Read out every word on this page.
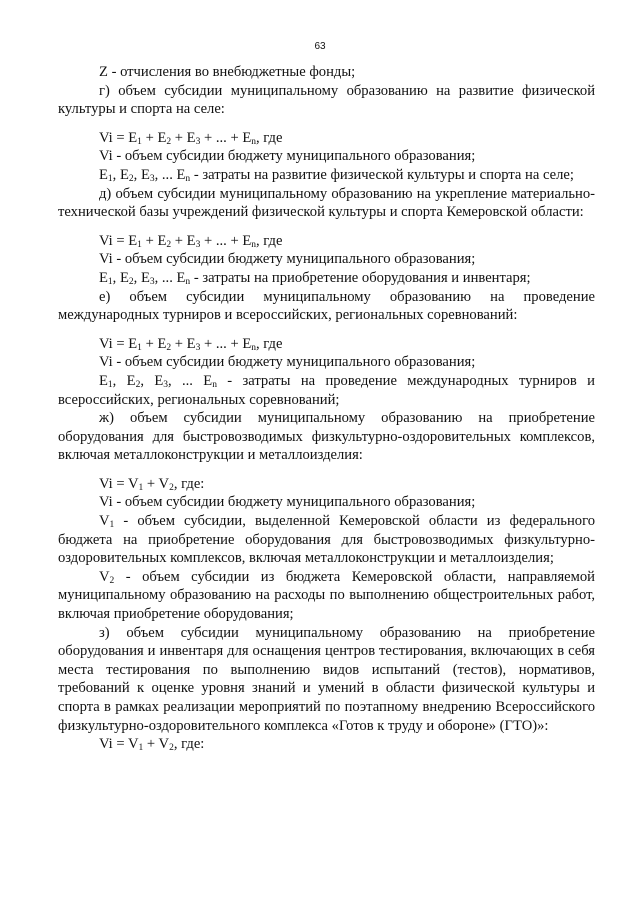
63

Z - отчисления во внебюджетные фонды;

г) объем субсидии муниципальному образованию на развитие физической культуры и спорта на селе:

$Vi = E_1 + E_2 + E_3$ + ... + $E_n$, где

Vi - объем субсидии бюджету муниципального образования;

$E_1$, $E_2$, $E_3$, ... $E_n$ - затраты на развитие физической культуры и спорта на селе;

д) объем субсидии муниципальному образованию на укрепление материально-технической базы учреждений физической культуры и спорта Кемеровской области:

$Vi = E_1 + E_2 + E_3$ + ... + $E_n$, где

Vi - объем субсидии бюджету муниципального образования;

$E_1$, $E_2$, $E_3$, ... $E_n$ - затраты на приобретение оборудования и инвентаря;

е) объем субсидии муниципальному образованию на проведение международных турниров и всероссийских, региональных соревнований:

$Vi = E_1 + E_2 + E_3$ + ... + $E_n$, где

Vi - объем субсидии бюджету муниципального образования;

$E_1$, $E_2$, $E_3$, ... $E_n$ - затраты на проведение международных турниров и всероссийских, региональных соревнований;

ж) объем субсидии муниципальному образованию на приобретение оборудования для быстровозводимых физкультурно-оздоровительных комплексов, включая металлоконструкции и металлоизделия:

$Vi = V_1 + V_2$, где:

Vi - объем субсидии бюджету муниципального образования;

$V_1$ - объем субсидии, выделенной Кемеровской области из федерального бюджета на приобретение оборудования для быстровозводимых физкультурно-оздоровительных комплексов, включая металлоконструкции и металлоизделия;

$V_2$ - объем субсидии из бюджета Кемеровской области, направляемой муниципальному образованию на расходы по выполнению общестроительных работ, включая приобретение оборудования;

з) объем субсидии муниципальному образованию на приобретение оборудования и инвентаря для оснащения центров тестирования, включающих в себя места тестирования по выполнению видов испытаний (тестов), нормативов, требований к оценке уровня знаний и умений в области физической культуры и спорта в рамках реализации мероприятий по поэтапному внедрению Всероссийского физкультурно-оздоровительного комплекса «Готов к труду и обороне» (ГТО)»:

$Vi = V_1 + V_2$, где:
